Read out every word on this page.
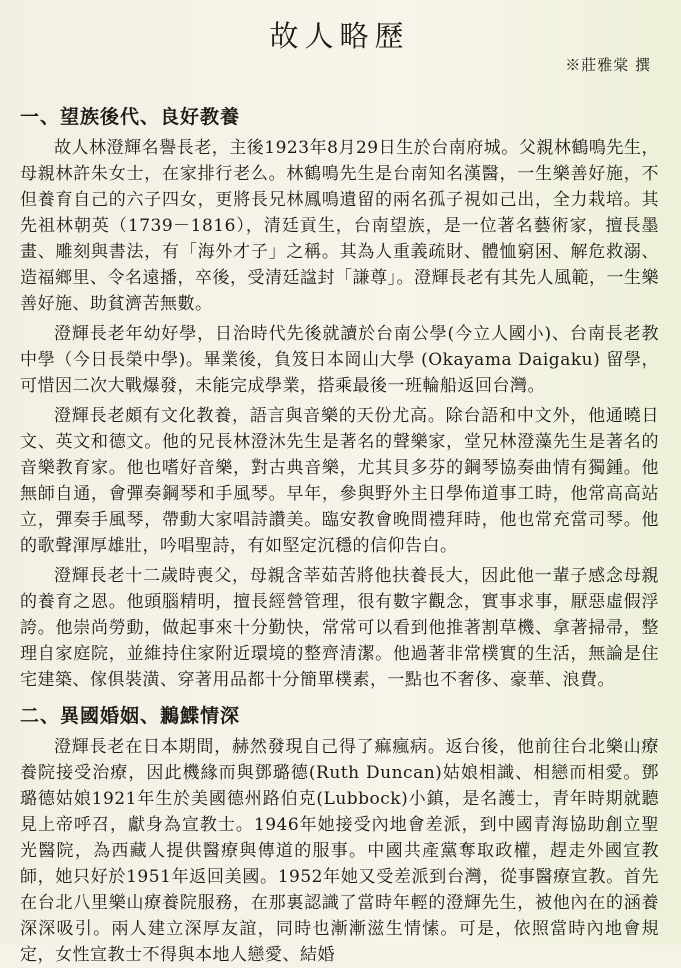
故人略歷
※莊雅棠 撰
一、望族後代、良好教養

故人林澄輝名譽長老，主後1923年8月29日生於台南府城。父親林鶴鳴先生，母親林許朱女士，在家排行老么。林鶴鳴先生是台南知名漢醫，一生樂善好施，不但養育自己的六子四女，更將長兄林鳳鳴遺留的兩名孤子視如己出，全力栽培。其先祖林朝英（1739－1816），清廷貢生，台南望族，是一位著名藝術家，擅長墨畫、雕刻與書法，有「海外才子」之稱。其為人重義疏財、體恤窮困、解危救溺、造福鄉里、令名遠播，卒後，受清廷諡封「謙尊」。澄輝長老有其先人風範，一生樂善好施、助貧濟苦無數。

澄輝長老年幼好學，日治時代先後就讀於台南公學(今立人國小)、台南長老教中學（今日長榮中學)。畢業後，負笈日本岡山大學 (Okayama Daigaku) 留學，可惜因二次大戰爆發，未能完成學業，搭乘最後一班輪船返回台灣。

澄輝長老頗有文化教養，語言與音樂的天份尤高。除台語和中文外，他通曉日文、英文和德文。他的兄長林澄沐先生是著名的聲樂家，堂兄林澄藻先生是著名的音樂教育家。他也嗜好音樂，對古典音樂，尤其貝多芬的鋼琴協奏曲情有獨鍾。他無師自通，會彈奏鋼琴和手風琴。早年，參與野外主日學佈道事工時，他常高高站立，彈奏手風琴，帶動大家唱詩讚美。臨安教會晚間禮拜時，他也常充當司琴。他的歌聲渾厚雄壯，吟唱聖詩，有如堅定沉穩的信仰告白。

澄輝長老十二歲時喪父，母親含莘茹苦將他扶養長大，因此他一輩子感念母親的養育之恩。他頭腦精明，擅長經營管理，很有數字觀念，實事求事，厭惡虛假浮誇。他崇尚勞動，做起事來十分勤快，常常可以看到他推著割草機、拿著掃帚，整理自家庭院，並維持住家附近環境的整齊清潔。他過著非常樸實的生活，無論是住宅建築、傢俱裝潢、穿著用品都十分簡單樸素，一點也不奢侈、豪華、浪費。

二、異國婚姻、鶼鰈情深

澄輝長老在日本期間，赫然發現自己得了痲瘋病。返台後，他前往台北樂山療養院接受治療，因此機緣而與鄧璐德(Ruth Duncan)姑娘相識、相戀而相愛。鄧璐德姑娘1921年生於美國德州路伯克(Lubbock)小鎮，是名護士，青年時期就聽見上帝呼召，獻身為宣教士。1946年她接受內地會差派，到中國青海協助創立聖光醫院，為西藏人提供醫療與傳道的服事。中國共產黨奪取政權，趕走外國宣教師，她只好於1951年返回美國。1952年她又受差派到台灣，從事醫療宣教。首先在台北八里樂山療養院服務，在那裏認識了當時年輕的澄輝先生，被他內在的涵養深深吸引。兩人建立深厚友誼，同時也漸漸滋生情愫。可是，依照當時內地會規定，女性宣教士不得與本地人戀愛、結婚
